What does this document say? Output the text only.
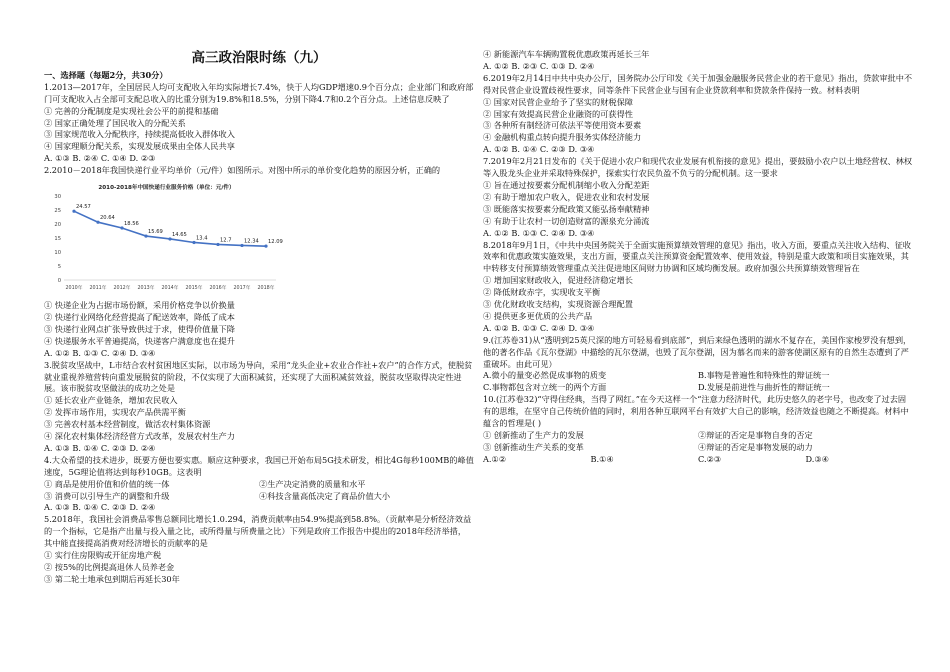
高三政治限时练（九）
一、选择题（每题2分，共30分）
1.2013—2017年，全国居民人均可支配收入年均实际增长7.4%，快于人均GDP增速0.9个百分点；企业部门和政府部门可支配收入占全部可支配总收入的比重分别为19.8%和18.5%，分别下降4.7和0.2个百分点。上述信息反映了
① 完善的分配制度是实现社会公平的前提和基础
② 国家正确处理了国民收入的分配关系
③ 国家规范收入分配秩序，持续提高低收入群体收入
④ 国家理顺分配关系，实现发展成果由全体人民共享
A. ①③ B. ②④ C. ①④ D. ②③
2.2010－2018年我国快递行业平均单价（元/件）如图所示。对图中所示的单价变化趋势的原因分析，正确的
2010-2018年中国快递行业服务价格（单位：元/件）
30
25
20
15
10
5
0
24.57
2010年
20.64
2011年
18.56
2012年
15.69
2013年
14.65
2014年
13.4
2015年
12.7
2016年
12.34
2017年
12.09
2018年
① 快递企业为占据市场份额，采用价格竞争以价换量
② 快递行业网络化经营提高了配送效率，降低了成本
③ 快递行业网点扩张导致供过于求，使得价值量下降
④ 快递服务水平普遍提高，快递客户满意度也在提升
A. ①② B. ①③ C. ②④ D. ③④
3.脱贫攻坚战中，L市结合农村贫困地区实际，以市场为导向，采用“龙头企业+农业合作社+农户”的合作方式，使脱贫就业重视养殖营转向重发展脱贫的阶段，不仅实现了大面积减贫，还实现了大面积减贫效益，脱贫攻坚取得决定性进展。该市脱贫攻坚做法的成功之处是
① 延长农业产业链条，增加农民收入
② 发挥市场作用，实现农产品供需平衡
③ 完善农村基本经营制度，做活农村集体资源
④ 深化农村集体经济经营方式改革，发展农村生产力
A. ①③ B. ①④ C. ②③ D. ②④
4.大众希望的技术进步，既要方便也要实惠。顺应这种要求，我国已开始布局5G技术研发，相比4G每秒100MB的峰值速度，5G理论值将达到每秒10GB。这表明
① 商品是使用价值和价值的统一体	②生产决定消费的质量和水平
③ 消费可以引导生产的调整和升级	④科技含量高低决定了商品价值大小
A. ①③ B. ①④ C. ②③ D. ②④
5.2018年，我国社会消费品零售总额同比增长1.0.294，消费贡献率由54.9%提高到58.8%。（贡献率是分析经济效益的一个指标，它是指产出量与投入量之比，或所得量与所费量之比）下列是政府工作报告中提出的2018年经济举措，其中能直接提高消费对经济增长的贡献率的是
① 实行住房限购或开征房地产税
② 按5%的比例提高退休人员养老金
③ 第二轮土地承包到期后再延长30年
④ 新能源汽车车辆购置税优惠政策再延长三年
A. ①② B. ②③ C. ①③ D. ②④
6.2019年2月14日中共中央办公厅，国务院办公厅印发《关于加强金融服务民营企业的若干意见》指出，贷款审批中不得对民营企业设置歧视性要求，同等条件下民营企业与国有企业贷款利率和贷款条件保持一致。材料表明
① 国家对民营企业给予了坚实的财税保障
② 国家有效提高民营企业融资的可获得性
③ 各种所有制经济可依法平等使用资本要素
④ 金融机构重点转向提升服务实体经济能力
A. ①② B. ①④ C. ②③ D. ③④
7.2019年2月21日发布的《关于促进小农户和现代农业发展有机衔接的意见》提出，要鼓励小农户以土地经营权、林权等入股龙头企业并采取特殊保护，探索实行农民负盈不负亏的分配机制。这一要求
① 旨在通过按要素分配机制缩小收入分配差距
② 有助于增加农户收入，促进农业和农村发展
③ 既能落实按要素分配政策又能弘扬奉献精神
④ 有助于让农村一切创造财富的源泉充分涌流
A. ①② B. ①③ C. ②④ D. ③④
8.2018年9月1日，《中共中央国务院关于全面实施预算绩效管理的意见》指出，收入方面，要重点关注收入结构、征收效率和优惠政策实施效果，支出方面，要重点关注预算资金配置效率、使用效益，特别是重大政策和项目实施效果，其中转移支付预算绩效管理重点关注促进地区间财力协调和区域均衡发展。政府加强公共预算绩效管理旨在
① 增加国家财政收入，促进经济稳定增长
② 降低财政赤字，实现收支平衡
③ 优化财政收支结构，实现资源合理配置
④ 提供更多更优质的公共产品
A. ①② B. ①③ C. ②④ D. ③④
9.(江苏卷31)从“透明到25英尺深的地方可轻易看到底部”，到后来绿色透明的湖水不复存在，美国作家梭罗没有想到，他的著名作品《瓦尔登湖》中描绘的瓦尔登湖，也毁了瓦尔登湖，因为慕名而来的游客使湖区原有的自然生态遭到了严重破坏。由此可见）
A.微小的量变必然促成事物的质变	B.事物是普遍性和特殊性的辩证统一
C.事物都包含对立统一的两个方面	D.发展是前进性与曲折性的辩证统一
10.(江苏卷32)“守得住经典，当得了网红。”在今天这样一个“注意力经济时代，此历史悠久的老字号，也改变了过去固有的思维，在坚守自己传统价值的同时，利用各种互联网平台有效扩大自己的影响，经济效益也随之不断提高。材料中蕴含的哲理是( )
① 创新推动了生产力的发展	②辩证的否定是事物自身的否定
③ 创新推动生产关系的变革	④辩证的否定是事物发展的动力
A.①②	B.①④	C.②③	D.③④
